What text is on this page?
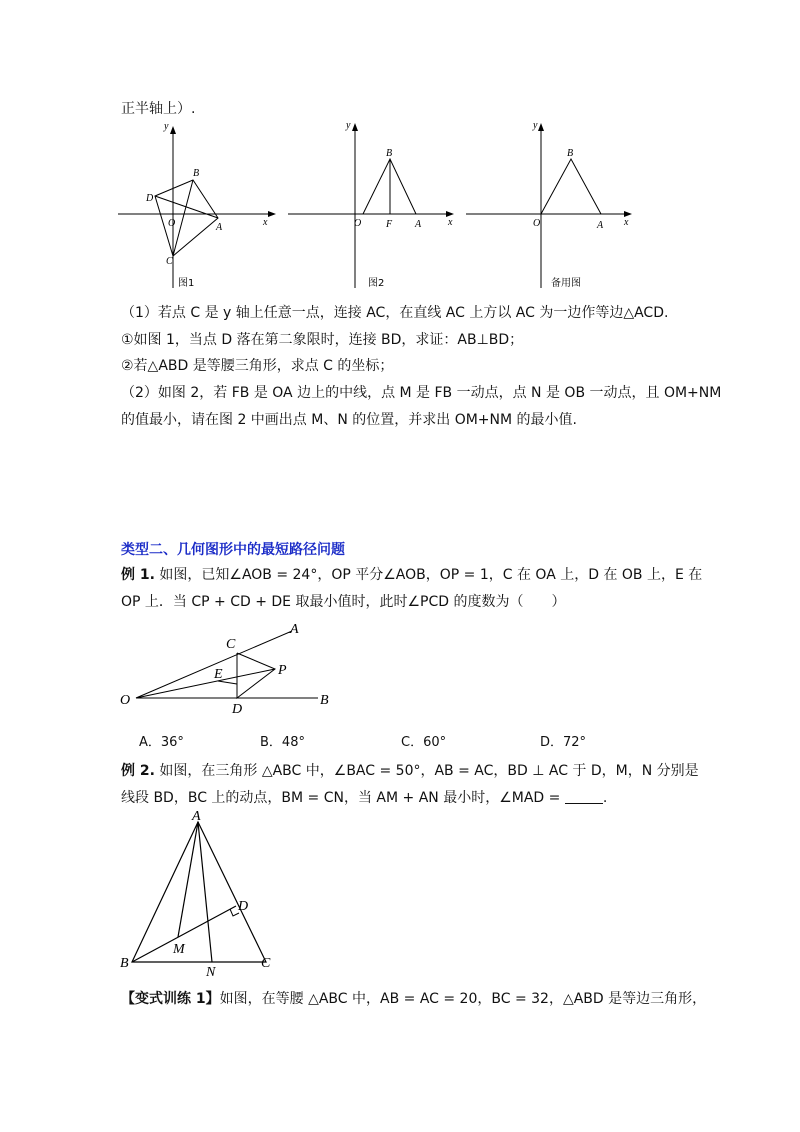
正半轴上）.
y
x
B
D
O	A
C
图1
y
x
B
O F A
图2
y
x
B
O	A
备用图
（1）若点 C 是 y 轴上任意一点，连接 AC，在直线 AC 上方以 AC 为一边作等边△ACD.
①如图 1，当点 D 落在第二象限时，连接 BD，求证：AB⊥BD；
②若△ABD 是等腰三角形，求点 C 的坐标；
（2）如图 2，若 FB 是 OA 边上的中线，点 M 是 FB 一动点，点 N 是 OB 一动点，且 OM+NM
的值最小，请在图 2 中画出点 M、N 的位置，并求出 OM+NM 的最小值.
类型二、几何图形中的最短路径问题
例 1. 如图，已知∠AOB = 24°，OP 平分∠AOB，OP = 1，C 在 OA 上，D 在 OB 上，E 在
OP 上．当 CP + CD + DE 取最小值时，此时∠PCD 的度数为（　　）
A
B
C
D
E
O
P
A．36°	B．48°	C．60°	D．72°
例 2. 如图，在三角形 △ABC 中，∠BAC = 50°，AB = AC，BD ⊥ AC 于 D，M，N 分别是
线段 BD，BC 上的动点，BM = CN，当 AM + AN 最小时，∠MAD =	.
A
B	C
D
M
N
【变式训练 1】如图，在等腰 △ABC 中，AB = AC = 20，BC = 32，△ABD 是等边三角形，
